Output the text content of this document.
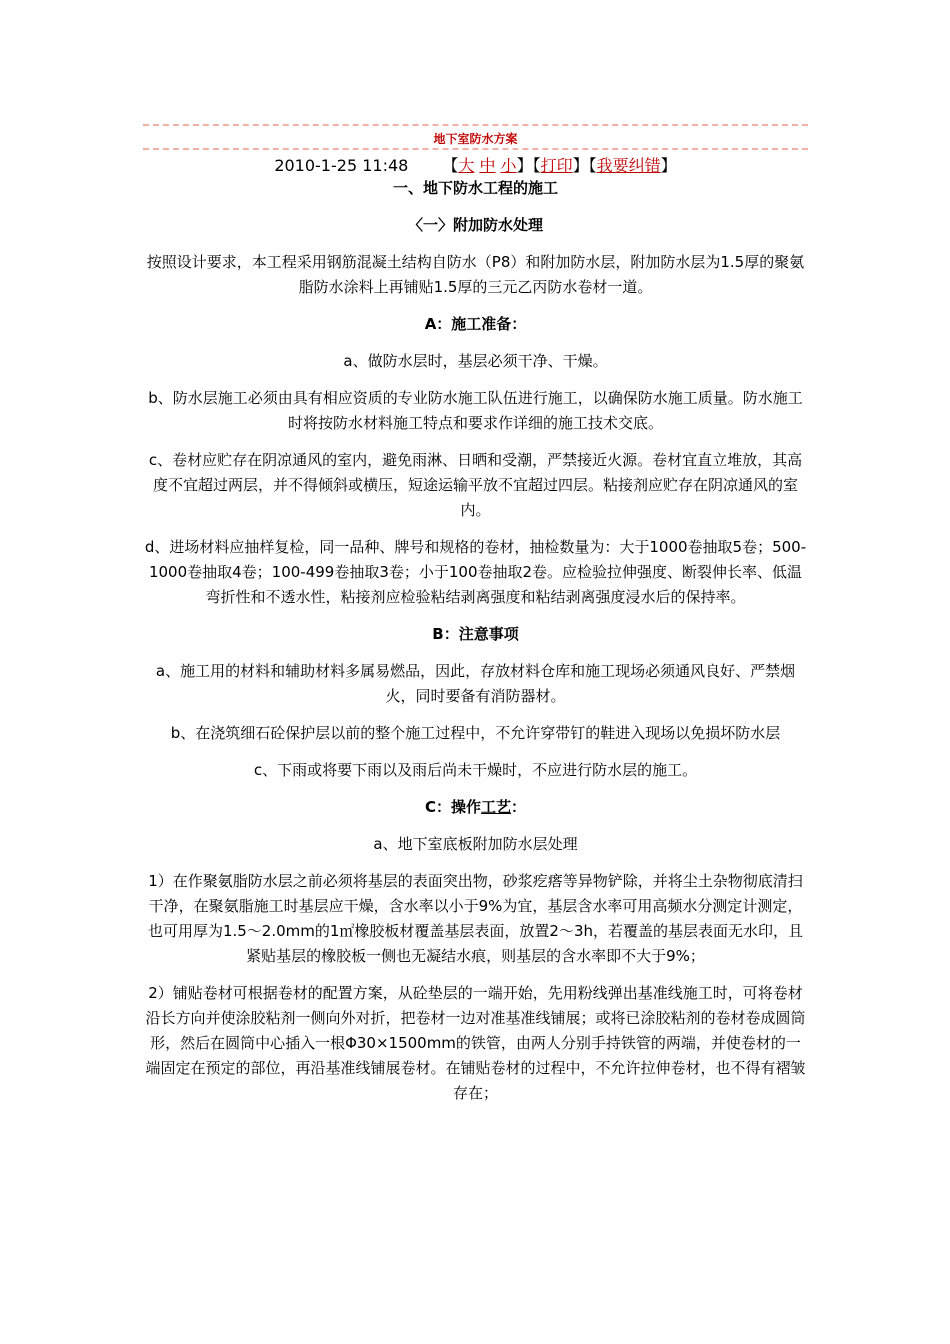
地下室防水方案
2010-1-25 11:48 【大 中 小】【打印】【我要纠错】

一、地下防水工程的施工

〈一〉附加防水处理

按照设计要求，本工程采用钢筋混凝土结构自防水（P8）和附加防水层，附加防水层为1.5厚的聚氨脂防水涂料上再铺贴1.5厚的三元乙丙防水卷材一道。

A：施工准备：

a、做防水层时，基层必须干净、干燥。

b、防水层施工必须由具有相应资质的专业防水施工队伍进行施工，以确保防水施工质量。防水施工时将按防水材料施工特点和要求作详细的施工技术交底。

c、卷材应贮存在阴凉通风的室内，避免雨淋、日晒和受潮，严禁接近火源。卷材宜直立堆放，其高度不宜超过两层，并不得倾斜或横压，短途运输平放不宜超过四层。粘接剂应贮存在阴凉通风的室内。

d、进场材料应抽样复检，同一品种、牌号和规格的卷材，抽检数量为：大于1000卷抽取5卷；500-1000卷抽取4卷；100-499卷抽取3卷；小于100卷抽取2卷。应检验拉伸强度、断裂伸长率、低温弯折性和不透水性，粘接剂应检验粘结剥离强度和粘结剥离强度浸水后的保持率。

B：注意事项

a、施工用的材料和辅助材料多属易燃品，因此，存放材料仓库和施工现场必须通风良好、严禁烟火，同时要备有消防器材。

b、在浇筑细石砼保护层以前的整个施工过程中，不允许穿带钉的鞋进入现场以免损坏防水层

c、下雨或将要下雨以及雨后尚未干燥时，不应进行防水层的施工。

C：操作工艺：

a、地下室底板附加防水层处理

1）在作聚氨脂防水层之前必须将基层的表面突出物，砂浆疙瘩等异物铲除，并将尘土杂物彻底清扫干净，在聚氨脂施工时基层应干燥，含水率以小于9%为宜，基层含水率可用高频水分测定计测定，也可用厚为1.5～2.0mm的1㎡橡胶板材覆盖基层表面，放置2～3h，若覆盖的基层表面无水印，且紧贴基层的橡胶板一侧也无凝结水痕，则基层的含水率即不大于9%；

2）铺贴卷材可根据卷材的配置方案，从砼垫层的一端开始，先用粉线弹出基准线施工时，可将卷材沿长方向并使涂胶粘剂一侧向外对折，把卷材一边对准基准线铺展；或将已涂胶粘剂的卷材卷成圆筒形，然后在圆筒中心插入一根Φ30×1500mm的铁管，由两人分别手持铁管的两端，并使卷材的一端固定在预定的部位，再沿基准线铺展卷材。在铺贴卷材的过程中，不允许拉伸卷材，也不得有褶皱存在；
